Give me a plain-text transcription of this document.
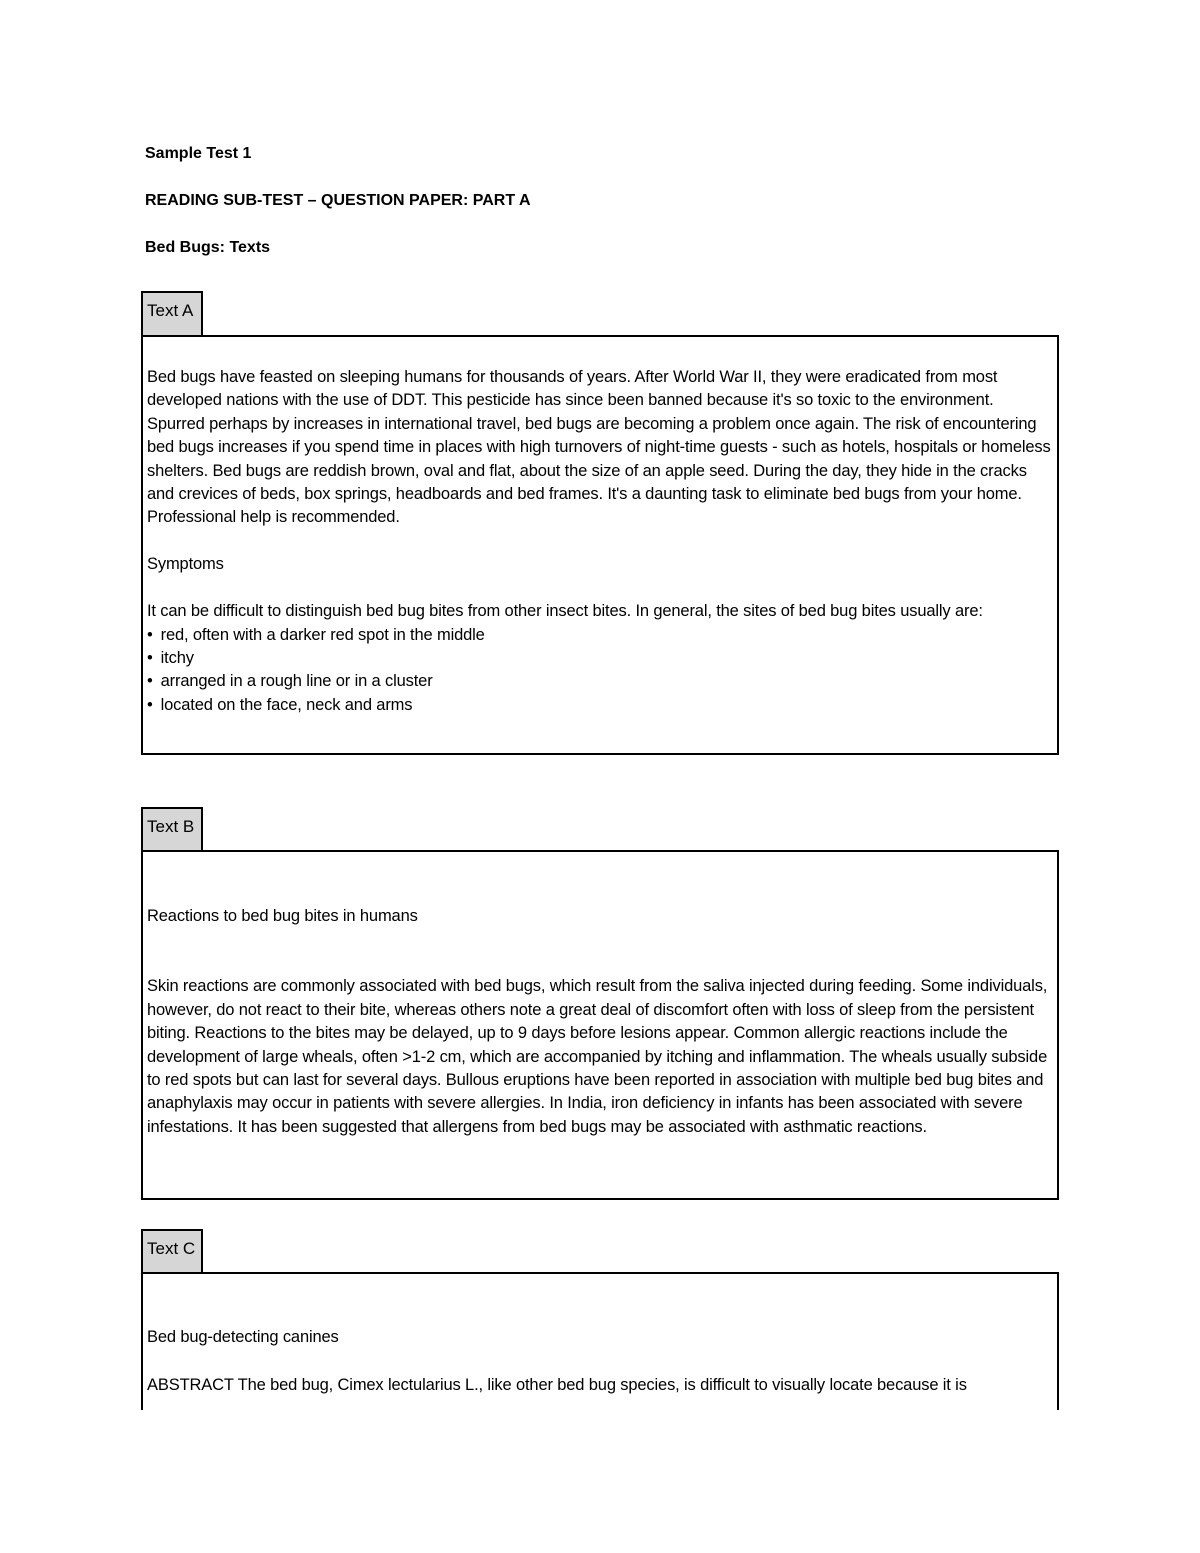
Sample Test 1
READING SUB-TEST – QUESTION PAPER: PART A
Bed Bugs: Texts
Text A

Bed bugs have feasted on sleeping humans for thousands of years. After World War II, they were eradicated from most developed nations with the use of DDT. This pesticide has since been banned because it's so toxic to the environment. Spurred perhaps by increases in international travel, bed bugs are becoming a problem once again. The risk of encountering bed bugs increases if you spend time in places with high turnovers of night-time guests - such as hotels, hospitals or homeless shelters. Bed bugs are reddish brown, oval and flat, about the size of an apple seed. During the day, they hide in the cracks and crevices of beds, box springs, headboards and bed frames. It's a daunting task to eliminate bed bugs from your home. Professional help is recommended.

Symptoms

It can be difficult to distinguish bed bug bites from other insect bites. In general, the sites of bed bug bites usually are:

• red, often with a darker red spot in the middle
• itchy
• arranged in a rough line or in a cluster
• located on the face, neck and arms
Text B

Reactions to bed bug bites in humans

Skin reactions are commonly associated with bed bugs, which result from the saliva injected during feeding. Some individuals, however, do not react to their bite, whereas others note a great deal of discomfort often with loss of sleep from the persistent biting. Reactions to the bites may be delayed, up to 9 days before lesions appear. Common allergic reactions include the development of large wheals, often >1-2 cm, which are accompanied by itching and inflammation. The wheals usually subside to red spots but can last for several days. Bullous eruptions have been reported in association with multiple bed bug bites and anaphylaxis may occur in patients with severe allergies. In India, iron deficiency in infants has been associated with severe infestations. It has been suggested that allergens from bed bugs may be associated with asthmatic reactions.

Text C

Bed bug-detecting canines

ABSTRACT The bed bug, Cimex lectularius L., like other bed bug species, is difficult to visually locate because it is
